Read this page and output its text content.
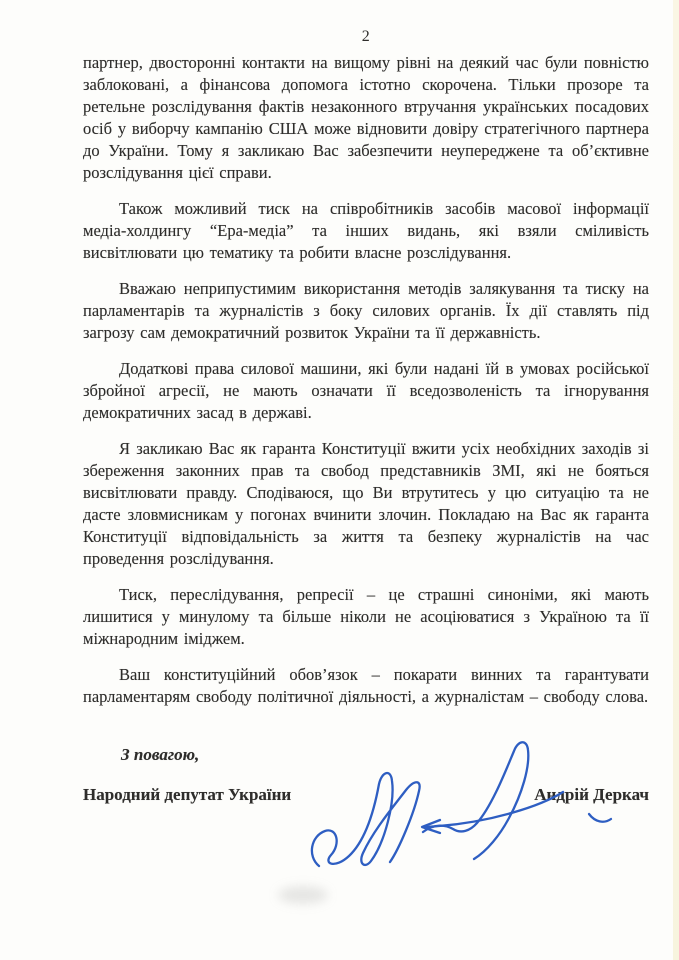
2

партнер, двосторонні контакти на вищому рівні на деякий час були повністю заблоковані, а фінансова допомога істотно скорочена. Тільки прозоре та ретельне розслідування фактів незаконного втручання українських посадових осіб у виборчу кампанію США може відновити довіру стратегічного партнера до України. Тому я закликаю Вас забезпечити неупереджене та об’єктивне розслідування цієї справи.

Також можливий тиск на співробітників засобів масової інформації медіа-холдингу “Ера-медіа” та інших видань, які взяли сміливість висвітлювати цю тематику та робити власне розслідування.

Вважаю неприпустимим використання методів залякування та тиску на парламентарів та журналістів з боку силових органів. Їх дії ставлять під загрозу сам демократичний розвиток України та її державність.

Додаткові права силової машини, які були надані їй в умовах російської збройної агресії, не мають означати її вседозволеність та ігнорування демократичних засад в державі.

Я закликаю Вас як гаранта Конституції вжити усіх необхідних заходів зі збереження законних прав та свобод представників ЗМІ, які не бояться висвітлювати правду. Сподіваюся, що Ви втрутитесь у цю ситуацію та не дасте зловмисникам у погонах вчинити злочин. Покладаю на Вас як гаранта Конституції відповідальність за життя та безпеку журналістів на час проведення розслідування.

Тиск, переслідування, репресії – це страшні синоніми, які мають лишитися у минулому та більше ніколи не асоціюватися з Україною та її міжнародним іміджем.

Ваш конституційний обов’язок – покарати винних та гарантувати парламентарям свободу політичної діяльності, а журналістам – свободу слова.

З повагою,
Народний депутат України	Андрій Деркач
